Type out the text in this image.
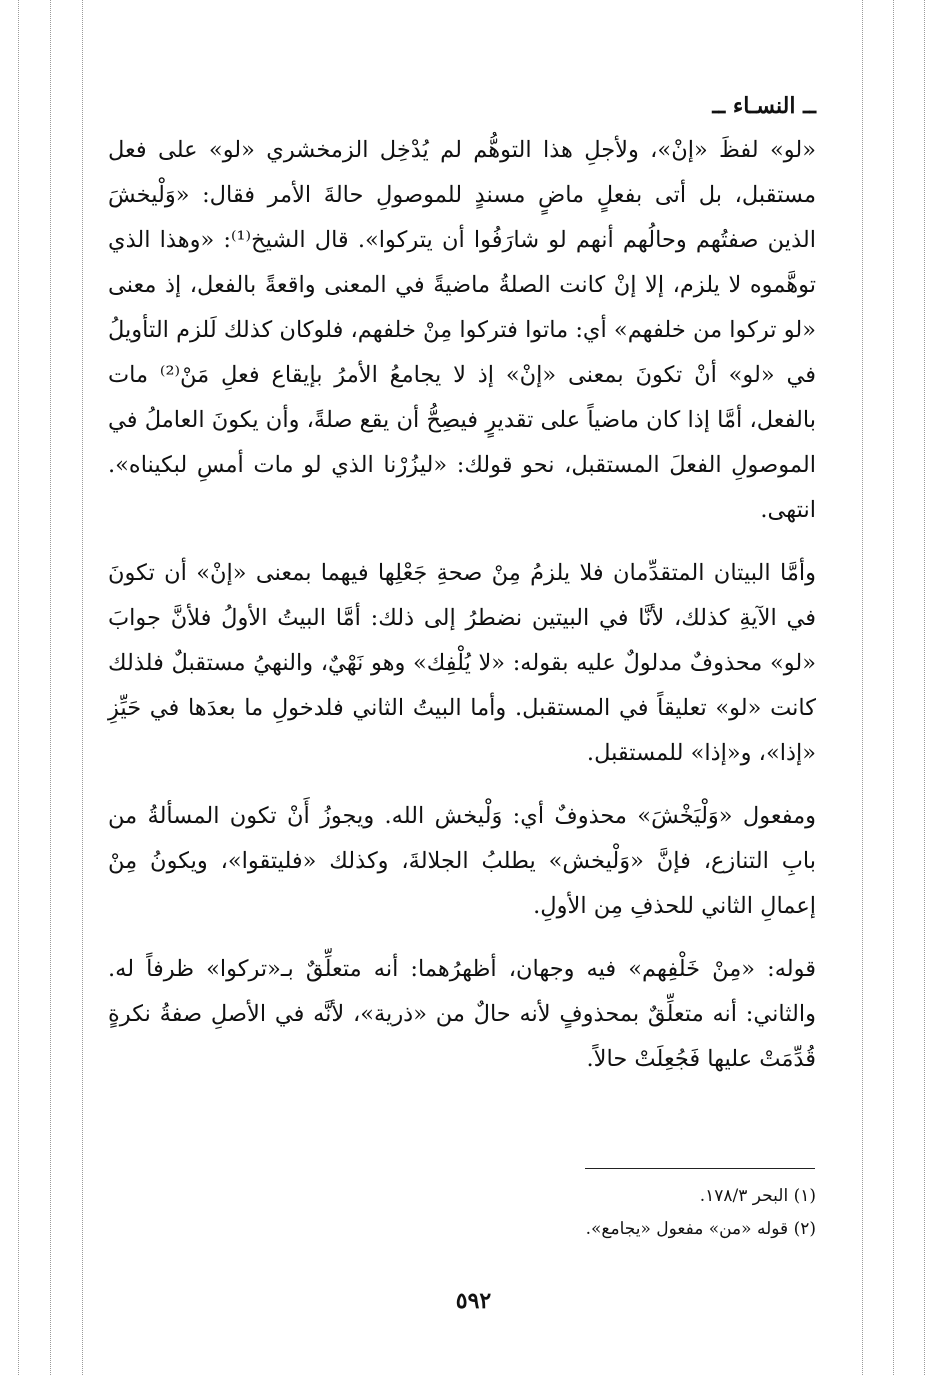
ــ النسـاء ــ

«لو» لفظَ «إنْ»، ولأجلِ هذا التوهُّم لم يُدْخِل الزمخشري «لو» على فعل مستقبل، بل أتى بفعلٍ ماضٍ مسندٍ للموصولِ حالةَ الأمر فقال: «وَلْيخشَ الذين صفتُهم وحالُهم أنهم لو شارَفُوا أن يتركوا». قال الشيخ⁽¹⁾: «وهذا الذي توهَّموه لا يلزم، إلا إنْ كانت الصلةُ ماضيةً في المعنى واقعةً بالفعل، إذ معنى «لو تركوا من خلفهم» أي: ماتوا فتركوا مِنْ خلفهم، فلوكان كذلك لَلزم التأويلُ في «لو» أنْ تكونَ بمعنى «إنْ» إذ لا يجامعُ الأمرُ بإيقاع فعلِ مَنْ⁽²⁾ مات بالفعل، أمَّا إذا كان ماضياً على تقديرٍ فيصِحُّ أن يقع صلةً، وأن يكونَ العاملُ في الموصولِ الفعلَ المستقبل، نحو قولك: «ليزُرْنا الذي لو مات أمسِ لبكيناه». انتهى.

وأمَّا البيتان المتقدِّمان فلا يلزمُ مِنْ صحةِ جَعْلِها فيهما بمعنى «إنْ» أن تكونَ في الآيةِ كذلك، لأنَّا في البيتين نضطرُ إلى ذلك: أمَّا البيتُ الأولُ فلأنَّ جوابَ «لو» محذوفٌ مدلولٌ عليه بقوله: «لا يُلْفِك» وهو نَهْيٌ، والنهيُ مستقبلٌ فلذلك كانت «لو» تعليقاً في المستقبل. وأما البيتُ الثاني فلدخولِ ما بعدَها في حَيِّزِ «إذا»، و«إذا» للمستقبل.

ومفعول «وَلْيَخْشَ» محذوفٌ أي: وَلْيخش الله. ويجوزُ أَنْ تكون المسألةُ من بابِ التنازع، فإنَّ «وَلْيخش» يطلبُ الجلالةَ، وكذلك «فليتقوا»، ويكونُ مِنْ إعمالِ الثاني للحذفِ مِن الأولِ.

قوله: «مِنْ خَلْفِهم» فيه وجهان، أظهرُهما: أنه متعلِّقٌ بـ«تركوا» ظرفاً له. والثاني: أنه متعلِّقٌ بمحذوفٍ لأنه حالٌ من «ذرية»، لأنَّه في الأصلِ صفةُ نكرةٍ قُدِّمَتْ عليها فَجُعِلَتْ حالاً.

(١) البحر ١٧٨/٣.

(٢) قوله «من» مفعول «يجامع».

٥٩٢
